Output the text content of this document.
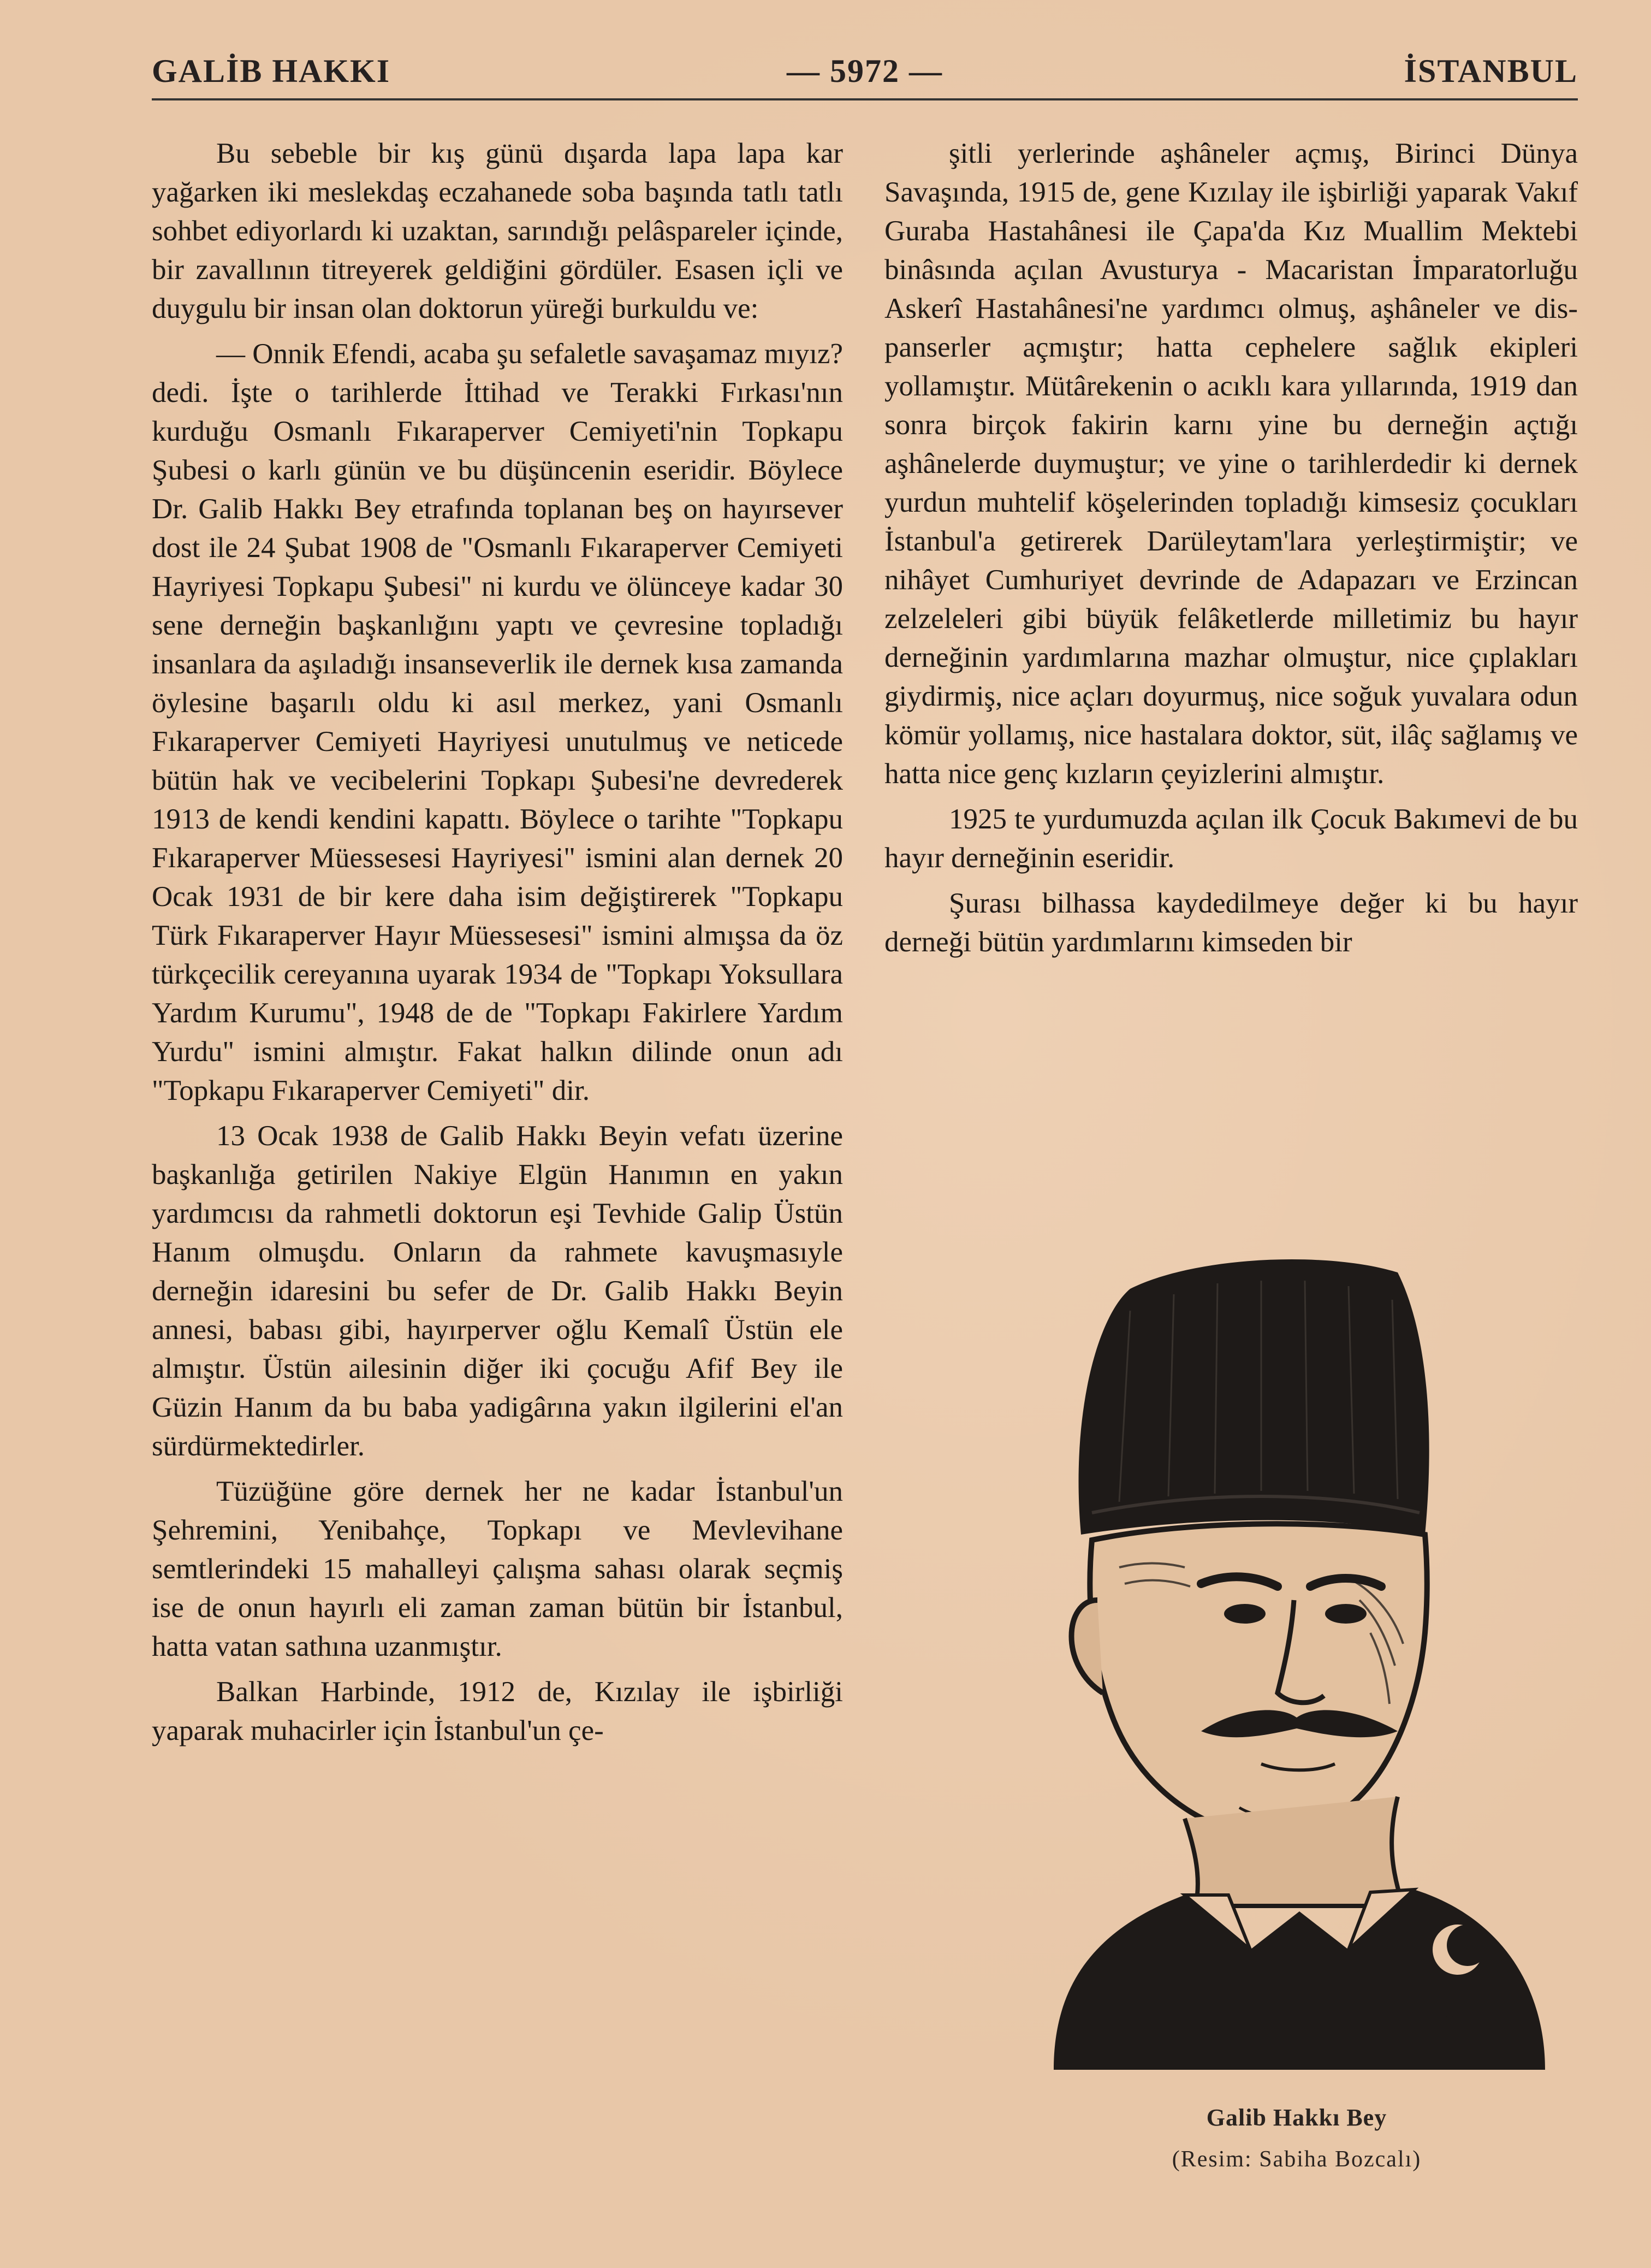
GALİB HAKKI	— 5972 —	İSTANBUL

Bu sebeble bir kış günü dışarda lapa lapa kar yağarken iki meslekdaş eczahanede soba başında tatlı tatlı sohbet ediyorlardı ki uzaktan, sarındığı pelâspareler içinde, bir zavallının titreyerek geldiğini gördüler. Esasen içli ve duygulu bir insan olan doktorun yüreği burkuldu ve:

— Onnik Efendi, acaba şu sefaletle savaşamaz mıyız? dedi. İşte o tarihlerde İttihad ve Terakki Fırkası'nın kurduğu Osmanlı Fıkaraperver Cemiyeti'nin Topkapu Şubesi o karlı günün ve bu düşüncenin eseridir. Böylece Dr. Galib Hakkı Bey etrafında toplanan beş on hayırsever dost ile 24 Şubat 1908 de "Osmanlı Fıkaraperver Cemiyeti Hayriyesi Topkapu Şubesi" ni kurdu ve ölünceye kadar 30 sene derneğin başkanlığını yaptı ve çevresine topladığı insanlara da aşıladığı insanseverlik ile dernek kısa zamanda öylesine başarılı oldu ki asıl merkez, yani Osmanlı Fıkaraperver Cemiyeti Hayriyesi unutulmuş ve neticede bütün hak ve vecibelerini Topkapı Şubesi'ne devrederek 1913 de kendi kendini kapattı. Böylece o tarihte "Topkapu Fıkaraperver Müessesesi Hayriyesi" ismini alan dernek 20 Ocak 1931 de bir kere daha isim değiştirerek "Topkapu Türk Fıkaraperver Hayır Müessesesi" ismini almışsa da öz türkçecilik cereyanına uyarak 1934 de "Topkapı Yoksullara Yardım Kurumu", 1948 de de "Topkapı Fakirlere Yardım Yurdu" ismini almıştır. Fakat halkın dilinde onun adı "Topkapu Fıkaraperver Cemiyeti" dir.

13 Ocak 1938 de Galib Hakkı Beyin vefatı üzerine başkanlığa getirilen Nakiye Elgün Hanımın en yakın yardımcısı da rahmetli doktorun eşi Tevhide Galip Üstün Hanım olmuşdu. Onların da rahmete kavuşmasıyle derneğin idaresini bu sefer de Dr. Galib Hakkı Beyin annesi, babası gibi, hayırperver oğlu Kemalî Üstün ele almıştır. Üstün ailesinin diğer iki çocuğu Afif Bey ile Güzin Hanım da bu baba yadigârına yakın ilgilerini el'an sürdürmektedirler.

Tüzüğüne göre dernek her ne kadar İstanbul'un Şehremini, Yenibahçe, Topkapı ve Mevlevihane semtlerindeki 15 mahalleyi çalışma sahası olarak seçmiş ise de onun hayırlı eli zaman zaman bütün bir İstanbul, hatta vatan sathına uzanmıştır.

Balkan Harbinde, 1912 de, Kızılay ile işbirliği yaparak muhacirler için İstanbul'un çe-

şitli yerlerinde aşhâneler açmış, Birinci Dünya Savaşında, 1915 de, gene Kızılay ile işbirliği yaparak Vakıf Guraba Hastahânesi ile Çapa'da Kız Muallim Mektebi binâsında açılan Avusturya - Macaristan İmparatorluğu Askerî Hastahânesi'ne yardımcı olmuş, aşhâneler ve dispanserler açmıştır; hatta cephelere sağlık ekipleri yollamıştır. Mütârekenin o acıklı kara yıllarında, 1919 dan sonra birçok fakirin karnı yine bu derneğin açtığı aşhânelerde duymuştur; ve yine o tarihlerdedir ki dernek yurdun muhtelif köşelerinden topladığı kimsesiz çocukları İstanbul'a getirerek Darüleytam'lara yerleştirmiştir; ve nihâyet Cumhuriyet devrinde de Adapazarı ve Erzincan zelzeleleri gibi büyük felâketlerde milletimiz bu hayır derneğinin yardımlarına mazhar olmuştur, nice çıplakları giydirmiş, nice açları doyurmuş, nice soğuk yuvalara odun kömür yollamış, nice hastalara doktor, süt, ilâç sağlamış ve hatta nice genç kızların çeyizlerini almıştır.

1925 te yurdumuzda açılan ilk Çocuk Bakımevi de bu hayır derneğinin eseridir.

Şurası bilhassa kaydedilmeye değer ki bu hayır derneği bütün yardımlarını kimseden bir

Galib Hakkı Bey
(Resim: Sabiha Bozcalı)
